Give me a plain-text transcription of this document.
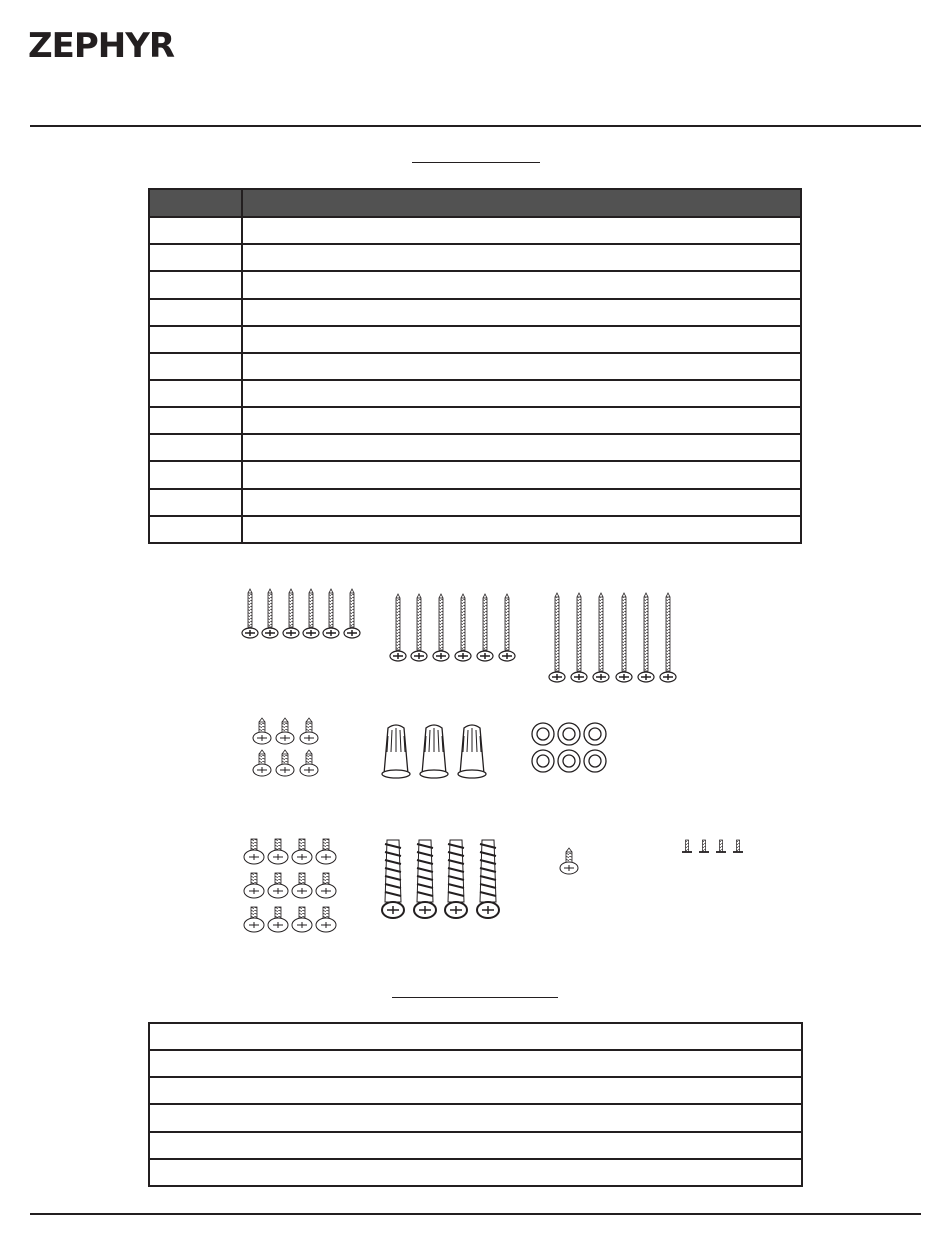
ZEPHYR
